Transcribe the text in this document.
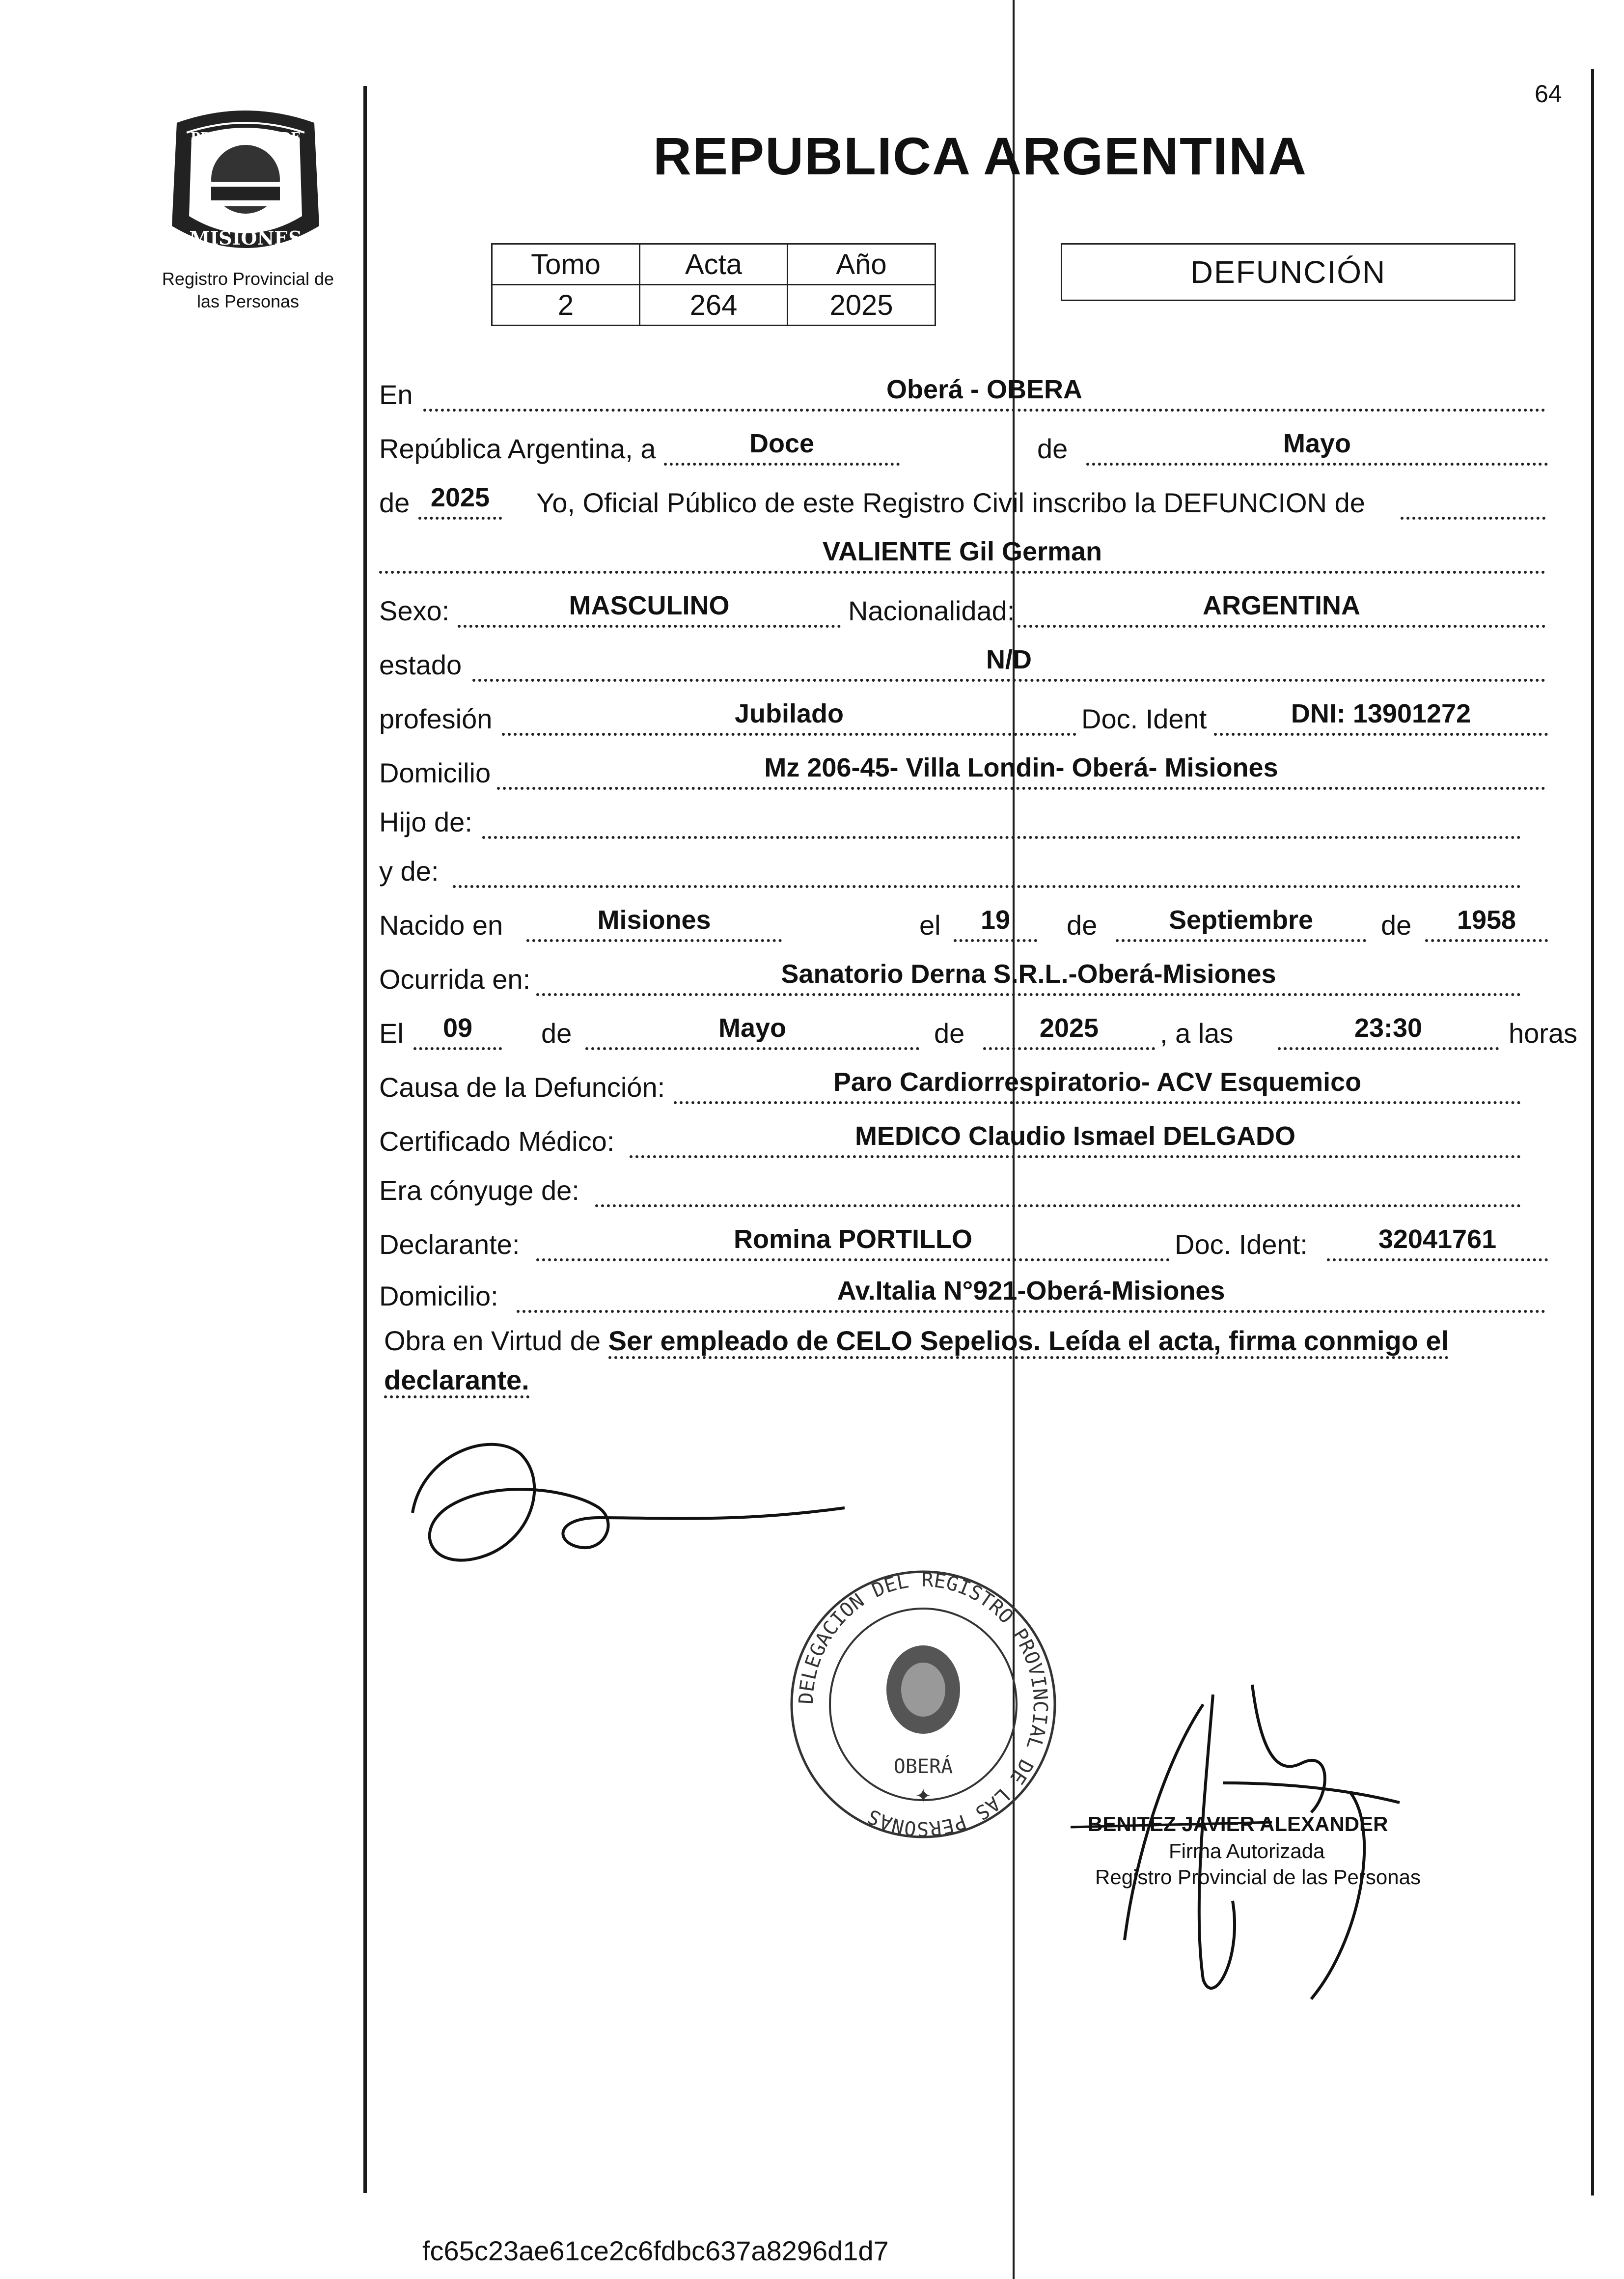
64
PROVINCIA DE
MISIONES
Registro Provincial de
las Personas
REPUBLICA ARGENTINA
Tomo	Acta	Año
2	264	2025
DEFUNCIÓN
En	Oberá - OBERA
República Argentina, a	Doce	de	Mayo
de 2025	Yo, Oficial Público de este Registro Civil inscribo la DEFUNCION de
VALIENTE Gil German
Sexo:	MASCULINO	Nacionalidad:	ARGENTINA
estado	N/D
profesión	Jubilado	Doc. Ident	DNI: 13901272
Domicilio	Mz 206-45- Villa Londin- Oberá- Misiones
Hijo de:
y de:
Nacido en	Misiones	el	19	de	Septiembre	de	1958
Ocurrida en:	Sanatorio Derna S.R.L.-Oberá-Misiones
El	09	de	Mayo	de	2025	, a las	23:30	horas
Causa de la Defunción:	Paro Cardiorrespiratorio- ACV Esquemico
Certificado Médico:	MEDICO Claudio Ismael DELGADO
Era cónyuge de:
Declarante:	Romina PORTILLO	Doc. Ident:	32041761
Domicilio:	Av.Italia N°921-Oberá-Misiones
Obra en Virtud de Ser empleado de CELO Sepelios. Leída el acta, firma conmigo el declarante.
DELEGACION DEL REGISTRO PROVINCIAL DE LAS PERSONAS
OBERÁ
✦
BENITEZ JAVIER ALEXANDER
Firma Autorizada
Registro Provincial de las Personas
fc65c23ae61ce2c6fdbc637a8296d1d7
